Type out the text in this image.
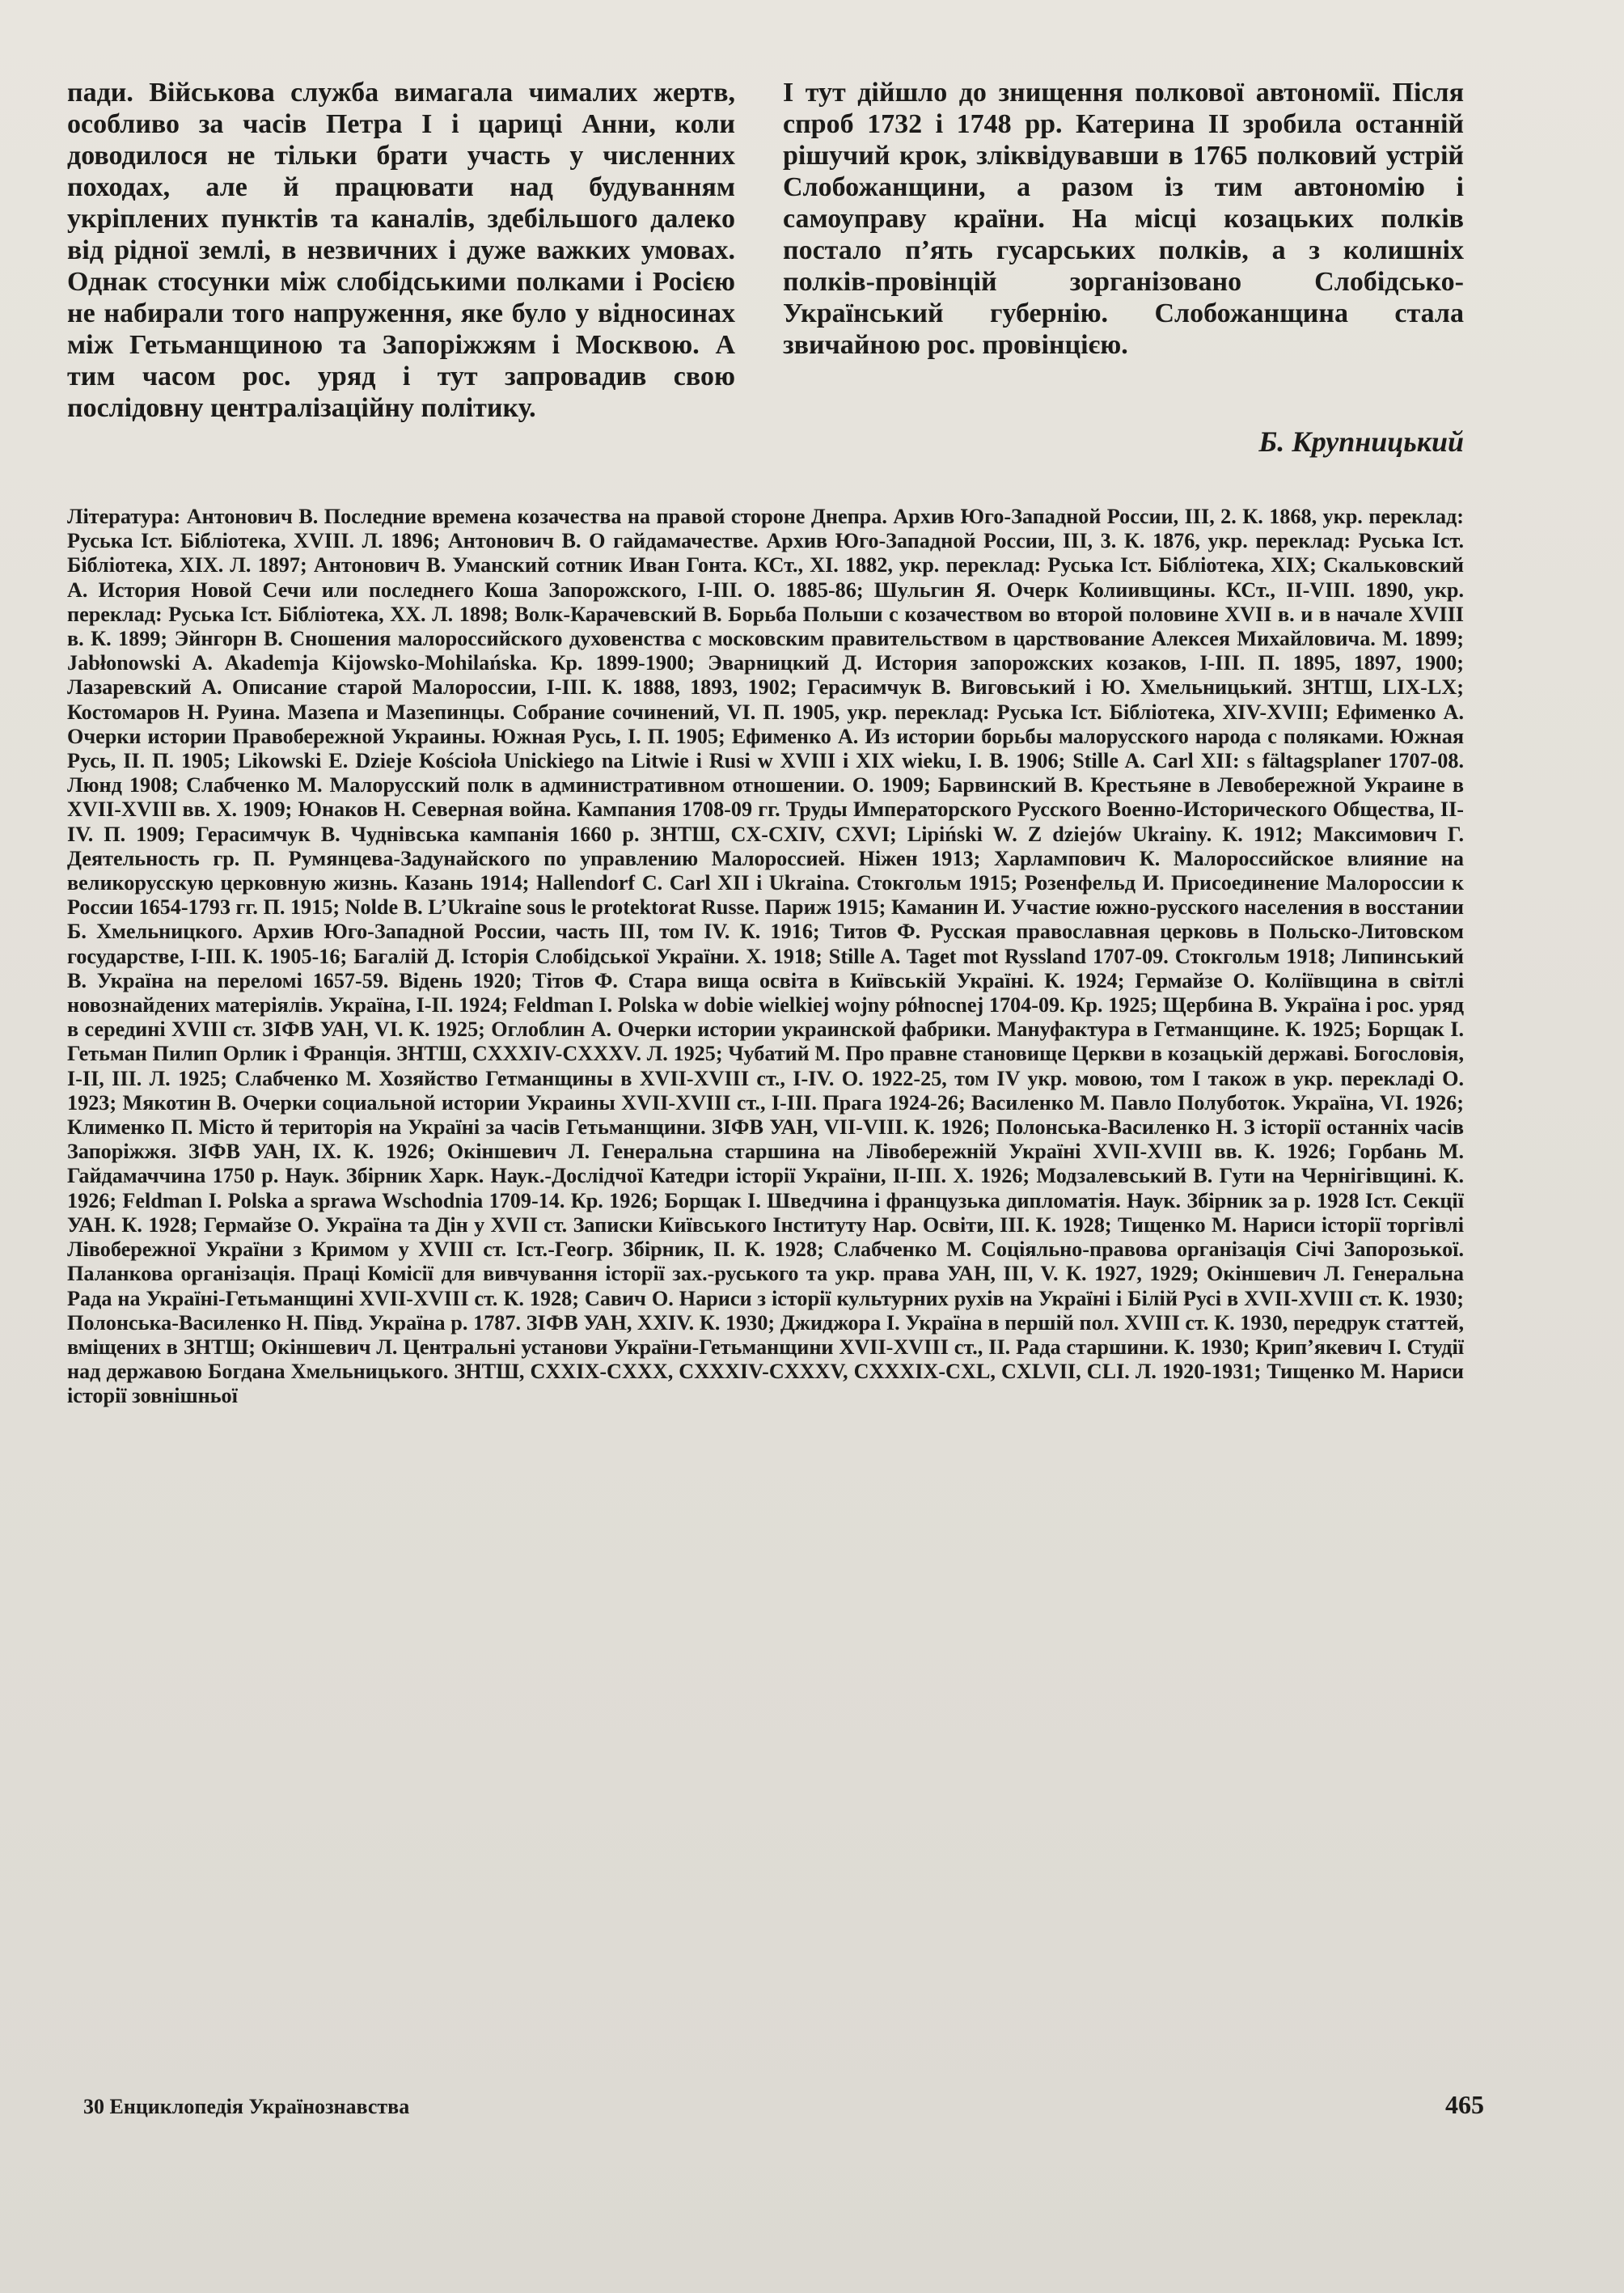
пади. Військова служба вимагала чималих жертв, особливо за часів Петра I і цариці Анни, коли доводилося не тільки брати участь у численних походах, але й працювати над будуванням укріплених пунктів та каналів, здебільшого далеко від рідної землі, в незвичних і дуже важких умовах. Однак стосунки між слобідськими полками і Росією не набирали того напруження, яке було у відносинах між Гетьманщиною та Запоріжжям і Москвою. А тим часом рос. уряд і тут запровадив свою послідовну централізаційну політику.

I тут дійшло до знищення полкової автономії. Після спроб 1732 і 1748 рр. Катерина II зробила останній рішучий крок, зліквідувавши в 1765 полковий устрій Слобожанщини, а разом із тим автономію і самоуправу країни. На місці козацьких полків постало п’ять гусарських полків, а з колишніх полків-провінцій зорганізовано Слобідсько-Український губернію. Слобожанщина стала звичайною рос. провінцією.

Б. Крупницький

Література: Антонович В. Последние времена козачества на правой стороне Днепра. Архив Юго-Западной России, III, 2. К. 1868, укр. переклад: Руська Іст. Бібліотека, XVIII. Л. 1896; Антонович В. О гайдамачестве. Архив Юго-Западной России, III, 3. К. 1876, укр. переклад: Руська Іст. Бібліотека, XIX. Л. 1897; Антонович В. Уманский сотник Иван Гонта. КСт., XI. 1882, укр. переклад: Руська Іст. Бібліотека, XIX; Скальковский А. История Новой Сечи или последнего Коша Запорожского, I-III. О. 1885-86; Шульгин Я. Очерк Колиивщины. КСт., II-VIII. 1890, укр. переклад: Руська Іст. Бібліотека, XX. Л. 1898; Волк-Карачевский В. Борьба Польши с козачеством во второй половине XVII в. и в начале XVIII в. К. 1899; Эйнгорн В. Сношения малороссийского духовенства с московским правительством в царствование Алексея Михайловича. М. 1899; Jabłonowski A. Akademja Kijowsko-Mohilańska. Кр. 1899-1900; Эварницкий Д. История запорожских козаков, I-III. П. 1895, 1897, 1900; Лазаревский А. Описание старой Малороссии, I-III. К. 1888, 1893, 1902; Герасимчук В. Виговський і Ю. Хмельницький. ЗНТШ, LIX-LX; Костомаров Н. Руина. Мазепа и Мазепинцы. Собрание сочинений, VI. П. 1905, укр. переклад: Руська Іст. Бібліотека, XIV-XVIII; Ефименко А. Очерки истории Правобережной Украины. Южная Русь, I. П. 1905; Ефименко А. Из истории борьбы малорусского народа с поляками. Южная Русь, II. П. 1905; Likowski E. Dzieje Kościoła Unickiego na Litwie i Rusi w XVIII i XIX wieku, I. В. 1906; Stille A. Carl XII: s fältagsplaner 1707-08. Люнд 1908; Слабченко М. Малорусский полк в административном отношении. О. 1909; Барвинский В. Крестьяне в Левобережной Украине в XVII-XVIII вв. Х. 1909; Юнаков Н. Северная война. Кампания 1708-09 гг. Труды Императорского Русского Военно-Исторического Общества, II-IV. П. 1909; Герасимчук В. Чуднівська кампанія 1660 р. ЗНТШ, CX-CXIV, CXVI; Lipiński W. Z dziejów Ukrainy. К. 1912; Максимович Г. Деятельность гр. П. Румянцева-Задунайского по управлению Малороссией. Ніжен 1913; Харлампович К. Малороссийское влияние на великорусскую церковную жизнь. Казань 1914; Hallendorf C. Carl XII i Ukraina. Стокгольм 1915; Розенфельд И. Присоединение Малороссии к России 1654-1793 гг. П. 1915; Nolde B. L’Ukraine sous le protektorat Russe. Париж 1915; Каманин И. Участие южно-русского населения в восстании Б. Хмельницкого. Архив Юго-Западной России, часть III, том IV. К. 1916; Титов Ф. Русская православная церковь в Польско-Литовском государстве, I-III. К. 1905-16; Багалій Д. Історія Слобідської України. Х. 1918; Stille A. Taget mot Ryssland 1707-09. Стокгольм 1918; Липинський В. Україна на переломі 1657-59. Відень 1920; Тітов Ф. Стара вища освіта в Київській Україні. К. 1924; Гермайзе О. Коліївщина в світлі новознайдених матеріялів. Україна, I-II. 1924; Feldman I. Polska w dobie wielkiej wojny północnej 1704-09. Кр. 1925; Щербина В. Україна і рос. уряд в середині XVIII ст. ЗІФВ УАН, VI. К. 1925; Оглоблин А. Очерки истории украинской фабрики. Мануфактура в Гетманщине. К. 1925; Борщак І. Гетьман Пилип Орлик і Франція. ЗНТШ, CXXXIV-CXXXV. Л. 1925; Чубатий М. Про правне становище Церкви в козацькій державі. Богословія, I-II, III. Л. 1925; Слабченко М. Хозяйство Гетманщины в XVII-XVIII ст., I-IV. О. 1922-25, том IV укр. мовою, том I також в укр. перекладі О. 1923; Мякотин В. Очерки социальной истории Украины XVII-XVIII ст., I-III. Прага 1924-26; Василенко М. Павло Полуботок. Україна, VI. 1926; Клименко П. Місто й територія на Україні за часів Гетьманщини. ЗІФВ УАН, VII-VIII. К. 1926; Полонська-Василенко Н. З історії останніх часів Запоріжжя. ЗІФВ УАН, IX. К. 1926; Окіншевич Л. Генеральна старшина на Лівобережній Україні XVII-XVIII вв. К. 1926; Горбань М. Гайдамаччина 1750 р. Наук. Збірник Харк. Наук.-Дослідчої Катедри історії України, II-III. Х. 1926; Модзалевський В. Гути на Чернігівщині. К. 1926; Feldman I. Polska a sprawa Wschodnia 1709-14. Кр. 1926; Борщак І. Шведчина і французька дипломатія. Наук. Збірник за р. 1928 Іст. Секції УАН. К. 1928; Гермайзе О. Україна та Дін у XVII ст. Записки Київського Інституту Нар. Освіти, III. К. 1928; Тищенко М. Нариси історії торгівлі Лівобережної України з Кримом у XVIII ст. Іст.-Геогр. Збірник, II. К. 1928; Слабченко М. Соціяльно-правова організація Січі Запорозької. Паланкова організація. Праці Комісії для вивчування історії зах.-руського та укр. права УАН, III, V. К. 1927, 1929; Окіншевич Л. Генеральна Рада на Україні-Гетьманщині XVII-XVIII ст. К. 1928; Савич О. Нариси з історії культурних рухів на Україні і Білій Русі в XVII-XVIII ст. К. 1930; Полонська-Василенко Н. Півд. Україна р. 1787. ЗІФВ УАН, XXIV. К. 1930; Джиджора І. Україна в першій пол. XVIII ст. К. 1930, передрук статтей, вміщених в ЗНТШ; Окіншевич Л. Центральні установи України-Гетьманщини XVII-XVIII ст., II. Рада старшини. К. 1930; Крип’якевич І. Студії над державою Богдана Хмельницького. ЗНТШ, CXXIX-CXXX, CXXXIV-CXXXV, CXXXIX-CXL, CXLVII, CLI. Л. 1920-1931; Тищенко М. Нариси історії зовнішньої

30 Енциклопедія Українознавства	465
